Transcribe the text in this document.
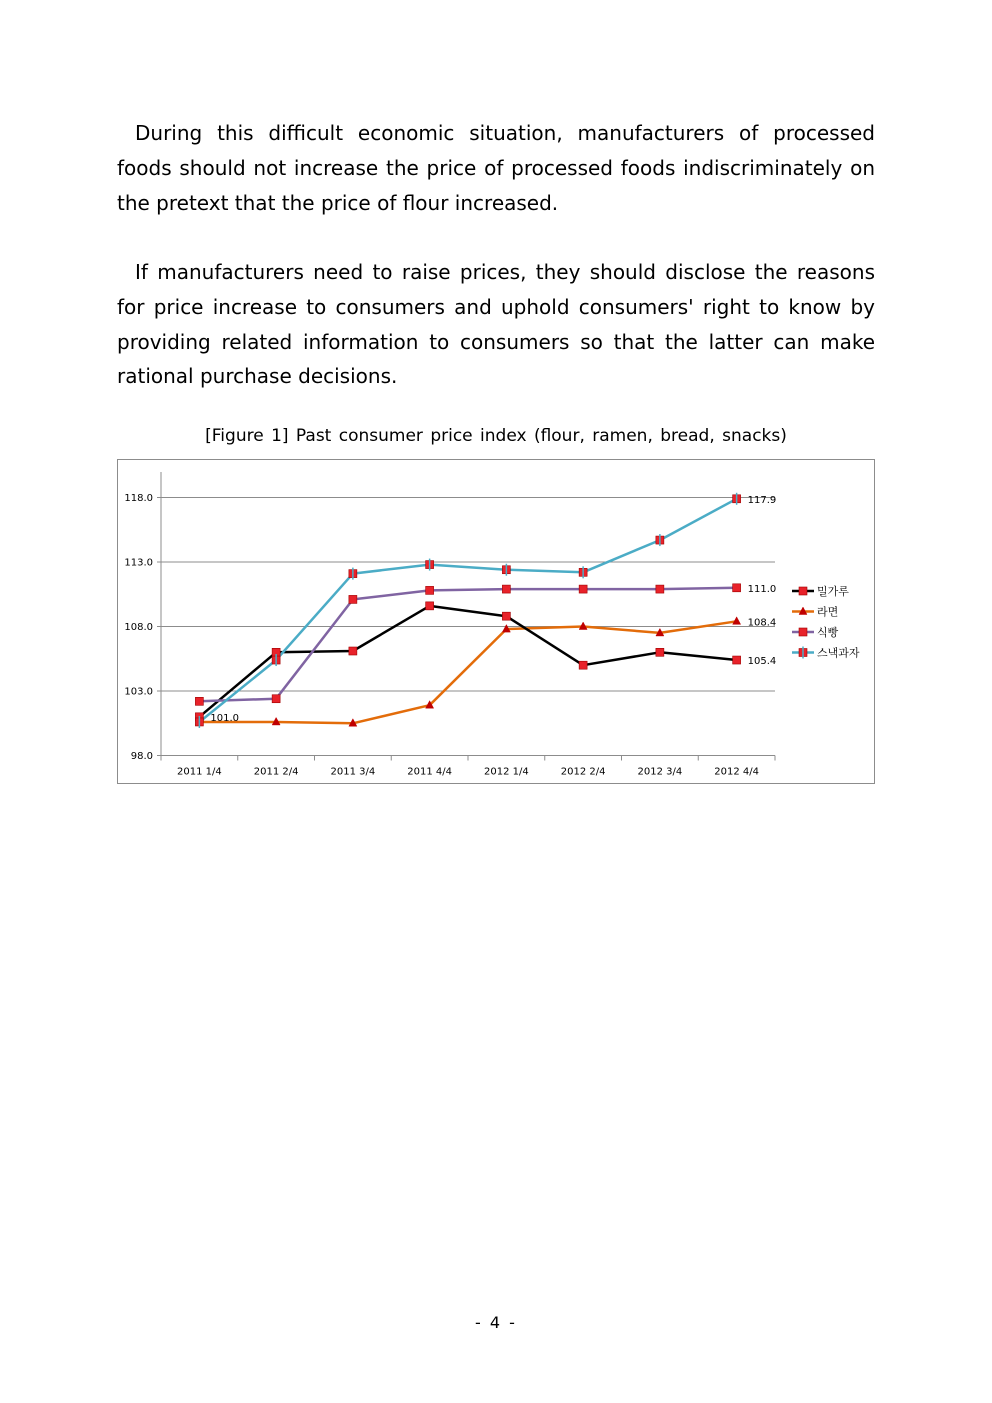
During this difficult economic situation, manufacturers of processed foods should not increase the price of processed foods indiscriminately on the pretext that the price of flour increased.

If manufacturers need to raise prices, they should disclose the reasons for price increase to consumers and uphold consumers' right to know by providing related information to consumers so that the latter can make rational purchase decisions.

[Figure 1] Past consumer price index (flour, ramen, bread, snacks)
98.0
103.0
108.0
113.0
118.0
2011 1/4	2011 2/4	2011 3/4	2011 4/4	2012 1/4	2012 2/4	2012 3/4	2012 4/4
101.0
117.9
111.0
108.4
105.4
밀가루
라면
식빵
스낵과자
- 4 -
